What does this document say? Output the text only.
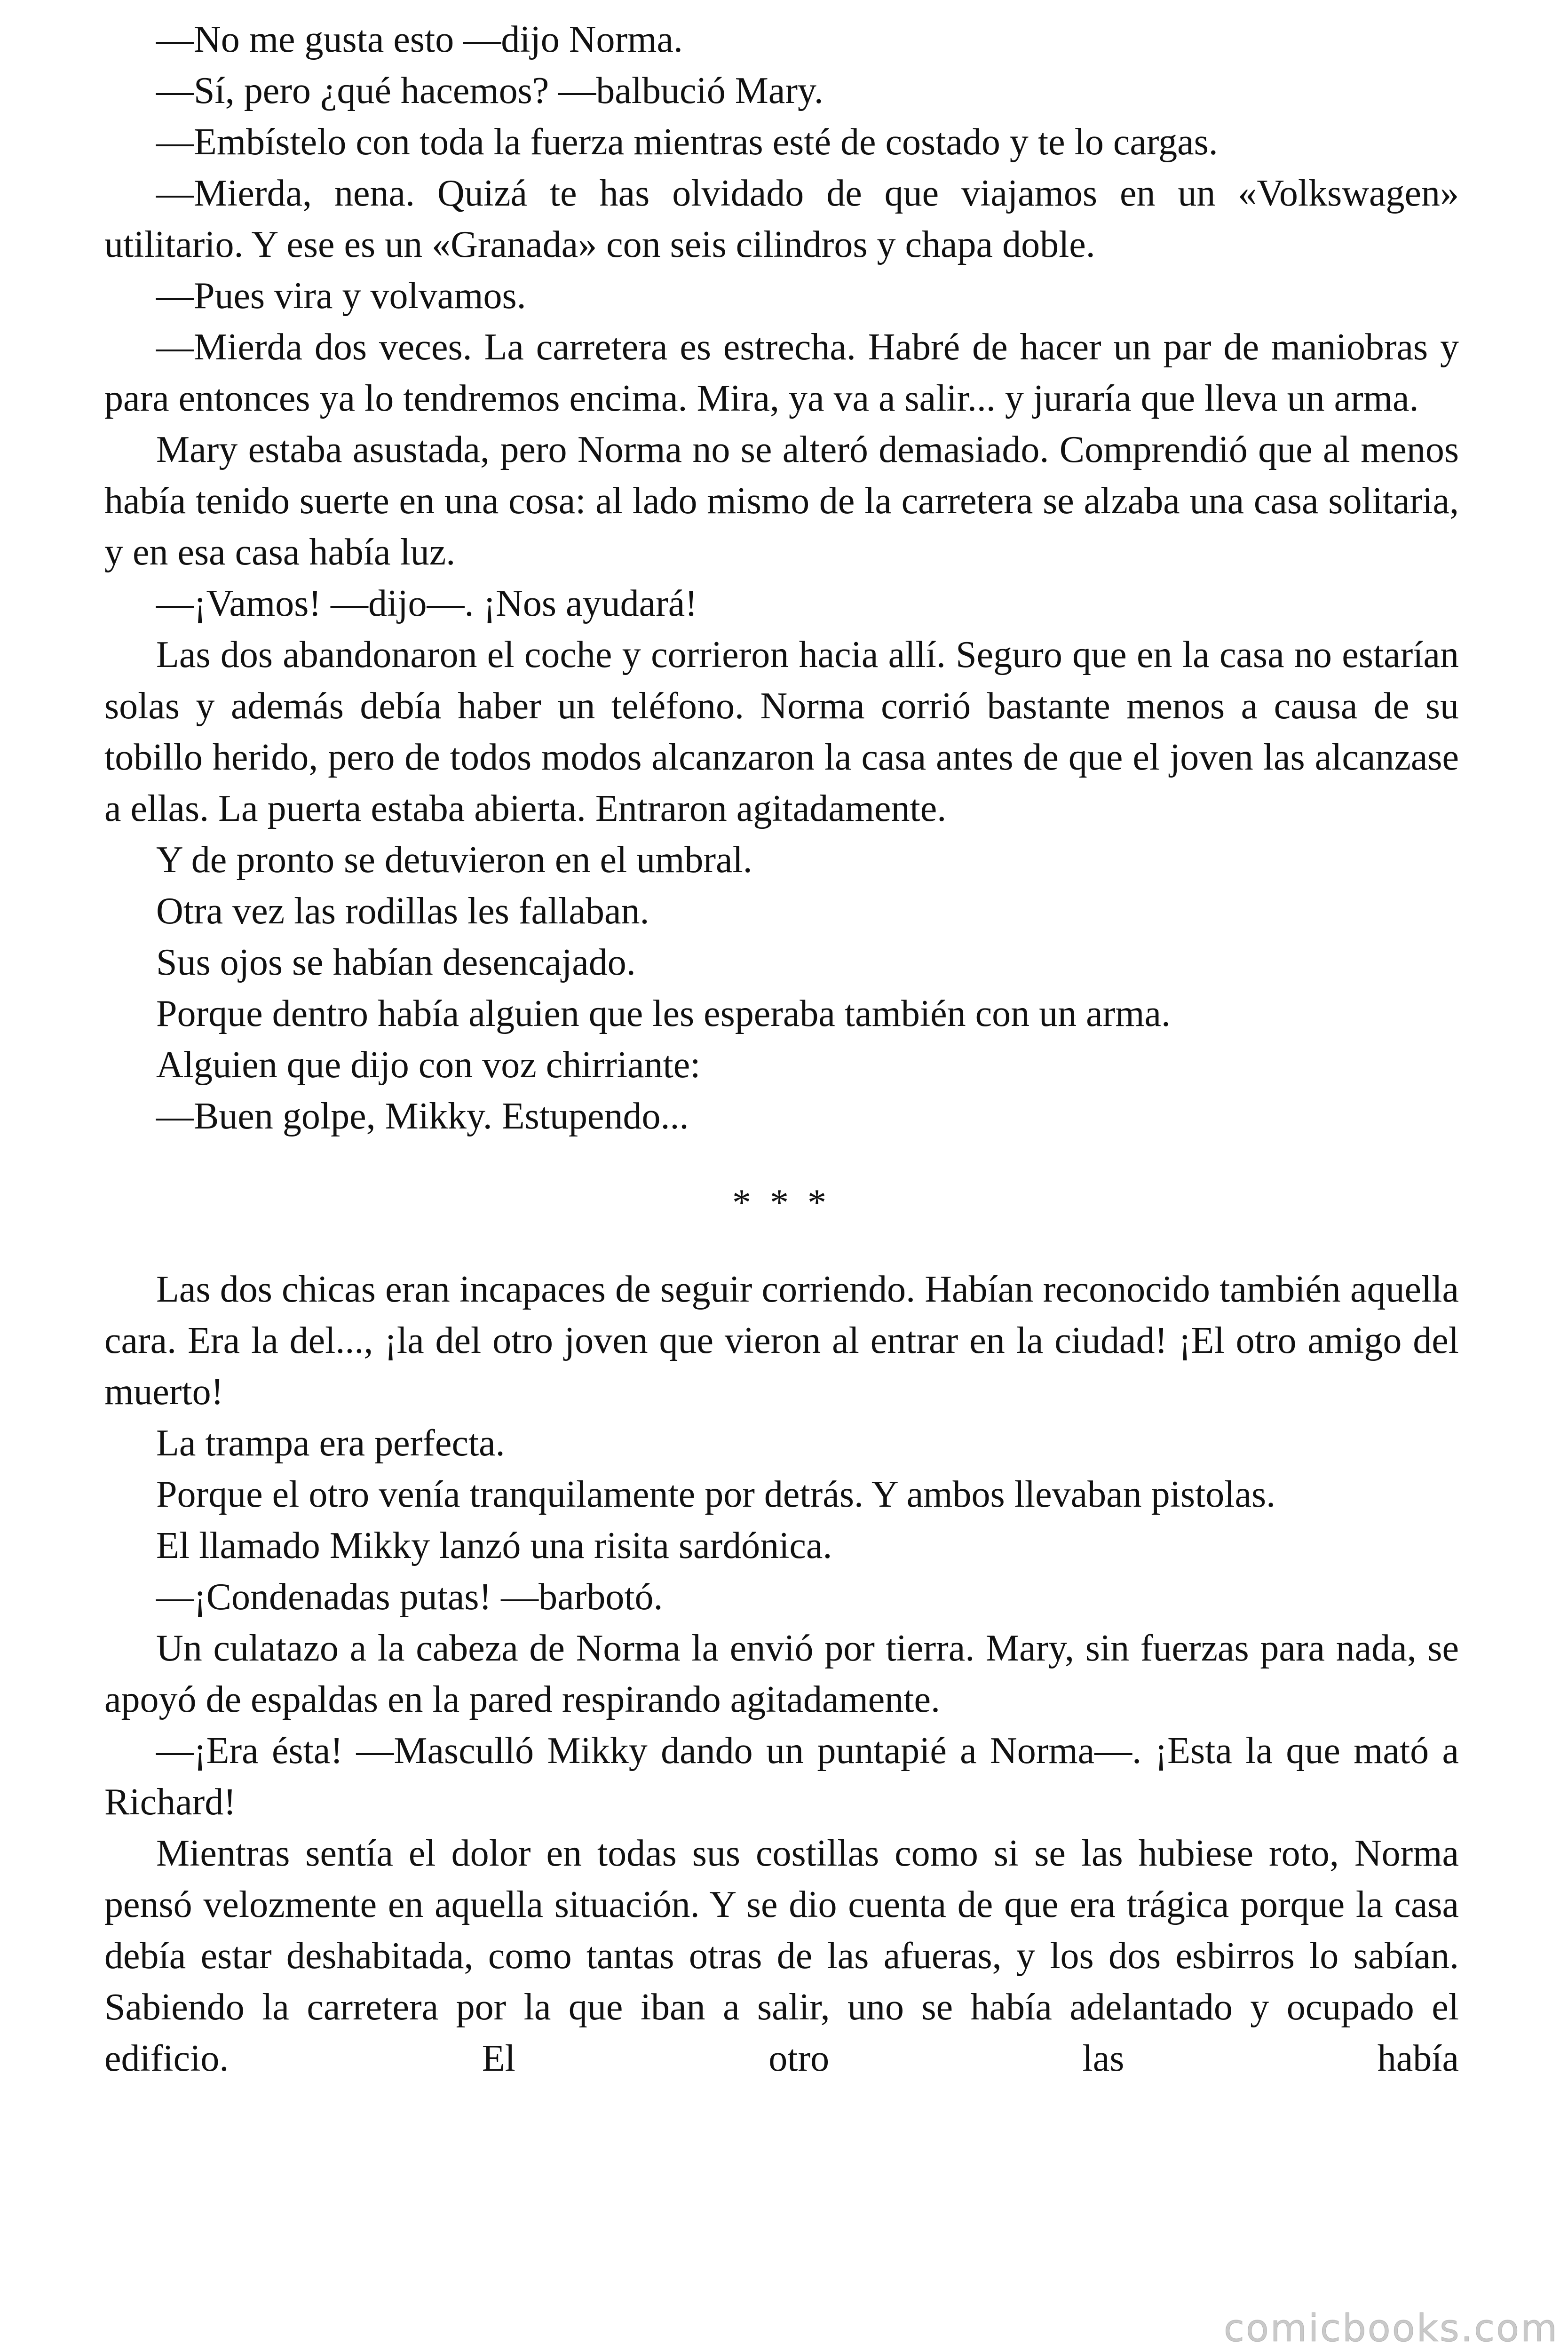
—No me gusta esto —dijo Norma.

—Sí, pero ¿qué hacemos? —balbució Mary.

—Embístelo con toda la fuerza mientras esté de costado y te lo cargas.

—Mierda, nena. Quizá te has olvidado de que viajamos en un «Volkswagen» utilitario. Y ese es un «Granada» con seis cilindros y chapa doble.

—Pues vira y volvamos.

—Mierda dos veces. La carretera es estrecha. Habré de hacer un par de maniobras y para entonces ya lo tendremos encima. Mira, ya va a salir... y juraría que lleva un arma.

Mary estaba asustada, pero Norma no se alteró demasiado. Comprendió que al menos había tenido suerte en una cosa: al lado mismo de la carretera se alzaba una casa solitaria, y en esa casa había luz.

—¡Vamos! —dijo—. ¡Nos ayudará!

Las dos abandonaron el coche y corrieron hacia allí. Seguro que en la casa no estarían solas y además debía haber un teléfono. Norma corrió bastante menos a causa de su tobillo herido, pero de todos modos alcanzaron la casa antes de que el joven las alcanzase a ellas. La puerta estaba abierta. Entraron agitadamente.

Y de pronto se detuvieron en el umbral.

Otra vez las rodillas les fallaban.

Sus ojos se habían desencajado.

Porque dentro había alguien que les esperaba también con un arma.

Alguien que dijo con voz chirriante:

—Buen golpe, Mikky. Estupendo...

* * *

Las dos chicas eran incapaces de seguir corriendo. Habían reconocido también aquella cara. Era la del..., ¡la del otro joven que vieron al entrar en la ciudad! ¡El otro amigo del muerto!

La trampa era perfecta.

Porque el otro venía tranquilamente por detrás. Y ambos llevaban pistolas.

El llamado Mikky lanzó una risita sardónica.

—¡Condenadas putas! —barbotó.

Un culatazo a la cabeza de Norma la envió por tierra. Mary, sin fuerzas para nada, se apoyó de espaldas en la pared respirando agitadamente.

—¡Era ésta! —Masculló Mikky dando un puntapié a Norma—. ¡Esta la que mató a Richard!

Mientras sentía el dolor en todas sus costillas como si se las hubiese roto, Norma pensó velozmente en aquella situación. Y se dio cuenta de que era trágica porque la casa debía estar deshabitada, como tantas otras de las afueras, y los dos esbirros lo sabían. Sabiendo la carretera por la que iban a salir, uno se había adelantado y ocupado el edificio. El otro las había

comicbooks.com
